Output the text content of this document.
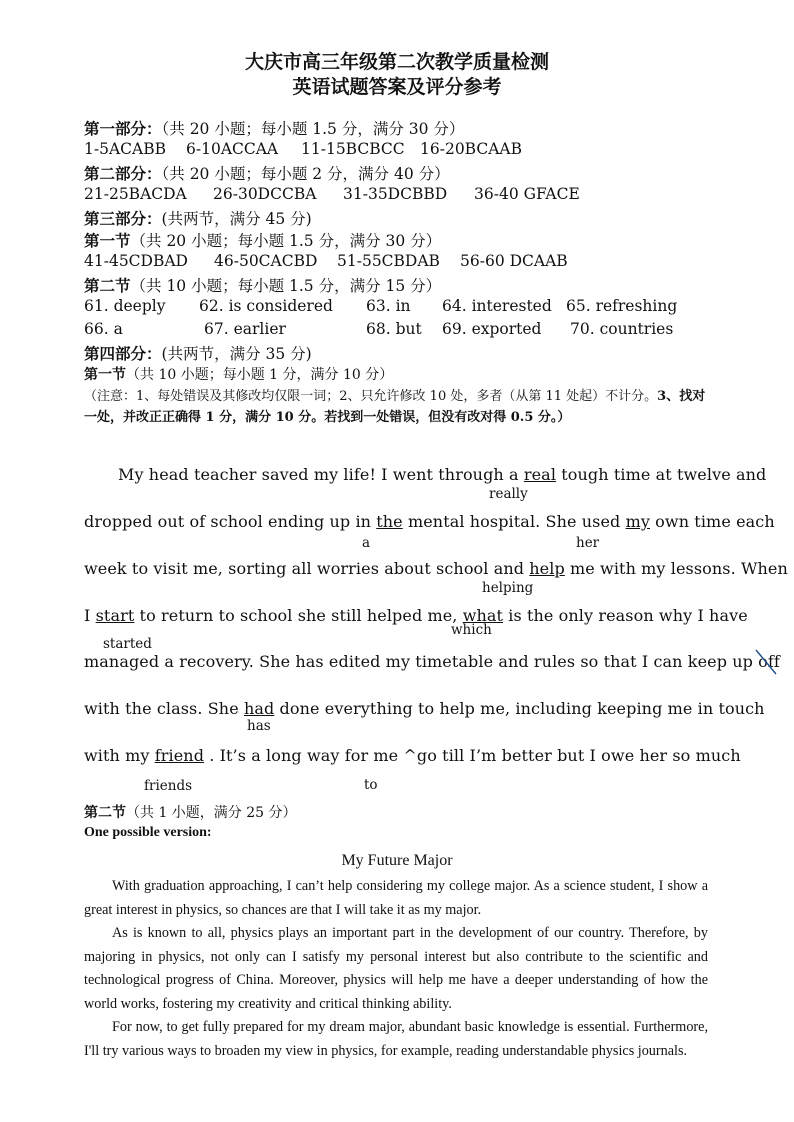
大庆市高三年级第二次教学质量检测
英语试题答案及评分参考
第一部分：（共 20 小题；每小题 1.5 分，满分 30 分）
1-5ACABB 6-10ACCAA 11-15BCBCC 16-20BCAAB
第二部分：（共 20 小题；每小题 2 分，满分 40 分）
21-25BACDA 26-30DCCBA 31-35DCBBD 36-40 GFACE
第三部分：(共两节，满分 45 分)
第一节（共 20 小题；每小题 1.5 分，满分 30 分）
41-45CDBAD 46-50CACBD 51-55CBDAB 56-60 DCAAB
第二节（共 10 小题；每小题 1.5 分，满分 15 分）
61. deeply 62. is considered 63. in 64. interested 65. refreshing
66. a	67. earlier	68. but 69. exported 70. countries
第四部分：(共两节，满分 35 分)
第一节（共 10 小题；每小题 1 分，满分 10 分）
（注意：1、每处错误及其修改均仅限一词；2、只允许修改 10 处，多者（从第 11 处起）不计分。3、找对一处，并改正正确得 1 分，满分 10 分。若找到一处错误，但没有改对得 0.5 分。）
My head teacher saved my life! I went through a real tough time at twelve and
really
dropped out of school ending up in the mental hospital. She used my own time each
a	her
week to visit me, sorting all worries about school and help me with my lessons. When
helping
I start to return to school she still helped me, what is the only reason why I have
started
which
managed a recovery. She has edited my timetable and rules so that I can keep up off
with the class. She had done everything to help me, including keeping me in touch
has
with my friend . It’s a long way for me ^go till I’m better but I owe her so much
friends	to
第二节（共 1 小题，满分 25 分）
One possible version:
My Future Major

With graduation approaching, I can’t help considering my college major. As a science student, I show a great interest in physics, so chances are that I will take it as my major.

As is known to all, physics plays an important part in the development of our country. Therefore, by majoring in physics, not only can I satisfy my personal interest but also contribute to the scientific and technological progress of China. Moreover, physics will help me have a deeper understanding of how the world works, fostering my creativity and critical thinking ability.

For now, to get fully prepared for my dream major, abundant basic knowledge is essential. Furthermore, I'll try various ways to broaden my view in physics, for example, reading understandable physics journals.
